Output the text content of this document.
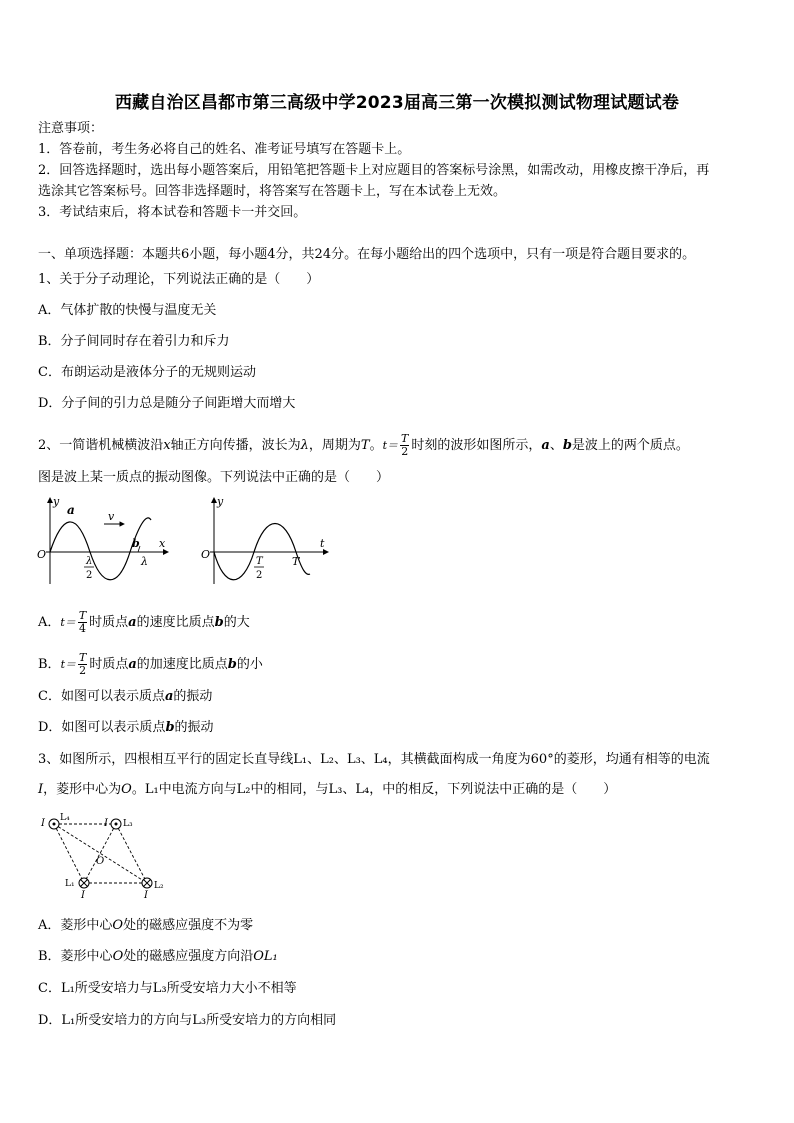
西藏自治区昌都市第三高级中学2023届高三第一次模拟测试物理试题试卷
注意事项：
1．答卷前，考生务必将自己的姓名、准考证号填写在答题卡上。
2．回答选择题时，选出每小题答案后，用铅笔把答题卡上对应题目的答案标号涂黑，如需改动，用橡皮擦干净后，再
选涂其它答案标号。回答非选择题时，将答案写在答题卡上，写在本试卷上无效。
3．考试结束后，将本试卷和答题卡一并交回。
一、单项选择题：本题共6小题，每小题4分，共24分。在每小题给出的四个选项中，只有一项是符合题目要求的。
1、关于分子动理论，下列说法正确的是（　　）
A．气体扩散的快慢与温度无关
B．分子间同时存在着引力和斥力
C．布朗运动是液体分子的无规则运动
D．分子间的引力总是随分子间距增大而增大
2、一简谐机械横波沿x轴正方向传播，波长为λ，周期为T。$t= \frac{T}{2}$ 时刻的波形如图所示，a、b是波上的两个质点。
图是波上某一质点的振动图像。下列说法中正确的是（　　）
y
a	v
O
b x
λ
λ
2
y
O
t
T
2
T
A．$t= \frac{T}{4}$ 时质点a的速度比质点b的大
B．$t= \frac{T}{2}$ 时质点a的加速度比质点b的小
C．如图可以表示质点a的振动
D．如图可以表示质点b的振动
3、如图所示，四根相互平行的固定长直导线L₁、L₂、L₃、L₄，其横截面构成一角度为60°的菱形，均通有相等的电流
I，菱形中心为O。L₁中电流方向与L₂中的相同，与L₃、L₄，中的相反，下列说法中正确的是（　　）
I L₄	I L₃
O
L₁	L₂
I	I
A．菱形中心O处的磁感应强度不为零
B．菱形中心O处的磁感应强度方向沿OL₁
C．L₁所受安培力与L₃所受安培力大小不相等
D．L₁所受安培力的方向与L₃所受安培力的方向相同
